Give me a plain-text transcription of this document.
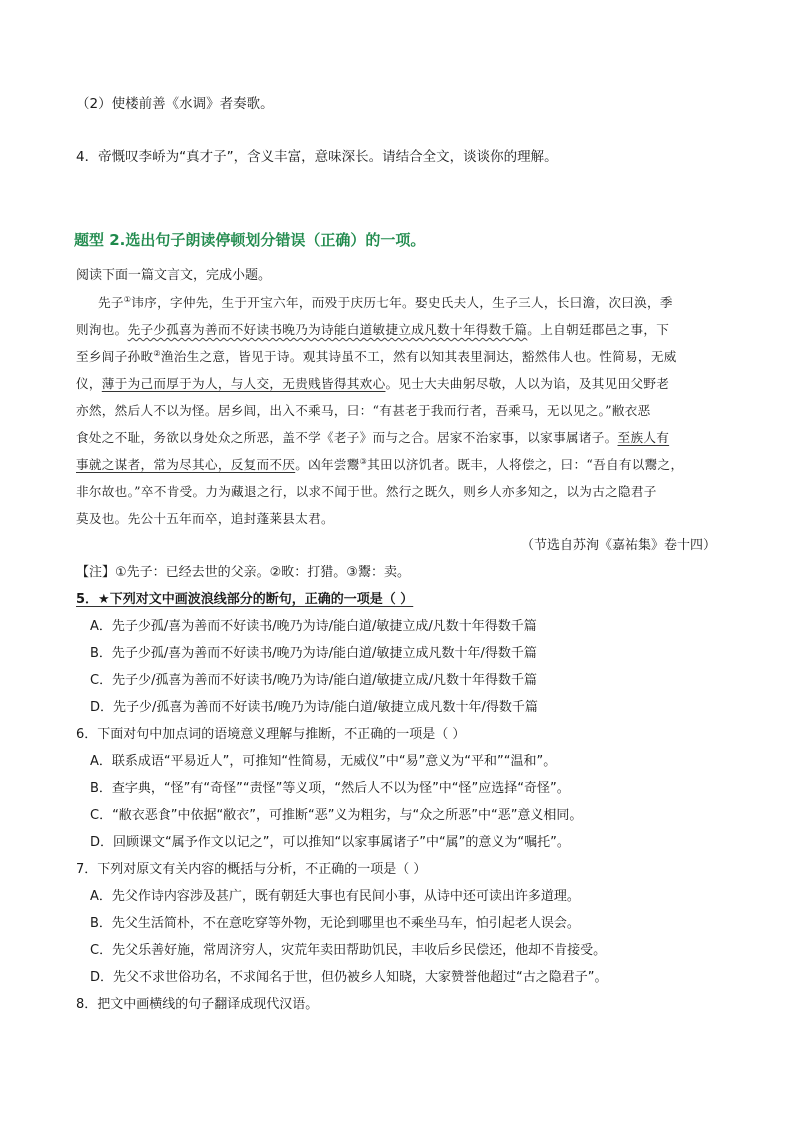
（2）使楼前善《水调》者奏歌。
4．帝慨叹李峤为“真才子”，含义丰富，意味深长。请结合全文，谈谈你的理解。
题型 2.选出句子朗读停顿划分错误（正确）的一项。
阅读下面一篇文言文，完成小题。
先子①讳序，字仲先，生于开宝六年，而殁于庆历七年。娶史氏夫人，生子三人，长曰澹，次曰涣，季
则洵也。先子少孤喜为善而不好读书晚乃为诗能白道敏捷立成凡数十年得数千篇。上自朝廷郡邑之事，下
至乡闾子孙畋②渔治生之意，皆见于诗。观其诗虽不工，然有以知其表里洞达，豁然伟人也。性简易，无威
仪，薄于为己而厚于为人，与人交，无贵贱皆得其欢心。见士大夫曲躬尽敬，人以为谄，及其见田父野老
亦然，然后人不以为怪。居乡闾，出入不乘马，曰：“有甚老于我而行者，吾乘马，无以见之。”敝衣恶
食处之不耻，务欲以身处众之所恶，盖不学《老子》而与之合。居家不治家事，以家事属诸子。至族人有
事就之谋者，常为尽其心，反复而不厌。凶年尝鬻③其田以济饥者。既丰，人将偿之，曰：“吾自有以鬻之，
非尔故也。”卒不肯受。力为藏退之行，以求不闻于世。然行之既久，则乡人亦多知之，以为古之隐君子
莫及也。先公十五年而卒，追封蓬莱县太君。
（节选自苏洵《嘉祐集》卷十四）
【注】①先子：已经去世的父亲。②畋：打猎。③鬻：卖。
5．★下列对文中画波浪线部分的断句，正确的一项是（ ）
A．先子少孤/喜为善而不好读书/晚乃为诗/能白道/敏捷立成/凡数十年得数千篇
B．先子少孤/喜为善而不好读书/晚乃为诗/能白道/敏捷立成凡数十年/得数千篇
C．先子少/孤喜为善而不好读书/晚乃为诗/能白道/敏捷立成/凡数十年得数千篇
D．先子少/孤喜为善而不好读书/晚乃为诗/能白道/敏捷立成凡数十年/得数千篇
6．下面对句中加点词的语境意义理解与推断，不正确的一项是（ ）
A．联系成语“平易近人”，可推知“性简易，无威仪”中“易”意义为“平和”“温和”。
B．查字典，“怪”有“奇怪”“责怪”等义项，“然后人不以为怪”中“怪”应选择“奇怪”。
C．“敝衣恶食”中依据“敝衣”，可推断“恶”义为粗劣，与“众之所恶”中“恶”意义相同。
D．回顾课文“属予作文以记之”，可以推知“以家事属诸子”中“属”的意义为“嘱托”。
7．下列对原文有关内容的概括与分析，不正确的一项是（ ）
A．先父作诗内容涉及甚广，既有朝廷大事也有民间小事，从诗中还可读出许多道理。
B．先父生活简朴，不在意吃穿等外物，无论到哪里也不乘坐马车，怕引起老人误会。
C．先父乐善好施，常周济穷人，灾荒年卖田帮助饥民，丰收后乡民偿还，他却不肯接受。
D．先父不求世俗功名，不求闻名于世，但仍被乡人知晓，大家赞誉他超过“古之隐君子”。
8．把文中画横线的句子翻译成现代汉语。
